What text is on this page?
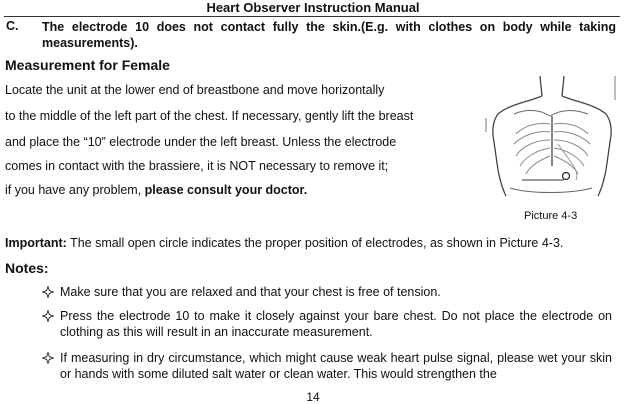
Heart Observer Instruction Manual
C. The electrode 10 does not contact fully the skin.(E.g. with clothes on body while taking measurements).
Measurement for Female
Locate the unit at the lower end of breastbone and move horizontally
to the middle of the left part of the chest. If necessary, gently lift the breast
and place the “10” electrode under the left breast. Unless the electrode
comes in contact with the brassiere, it is NOT necessary to remove it;
if you have any problem, please consult your doctor.
Picture 4-3
Important: The small open circle indicates the proper position of electrodes, as shown in Picture 4-3.
Notes:
Make sure that you are relaxed and that your chest is free of tension.
Press the electrode 10 to make it closely against your bare chest. Do not place the electrode on clothing as this will result in an inaccurate measurement.
If measuring in dry circumstance, which might cause weak heart pulse signal, please wet your skin or hands with some diluted salt water or clean water. This would strengthen the
14
